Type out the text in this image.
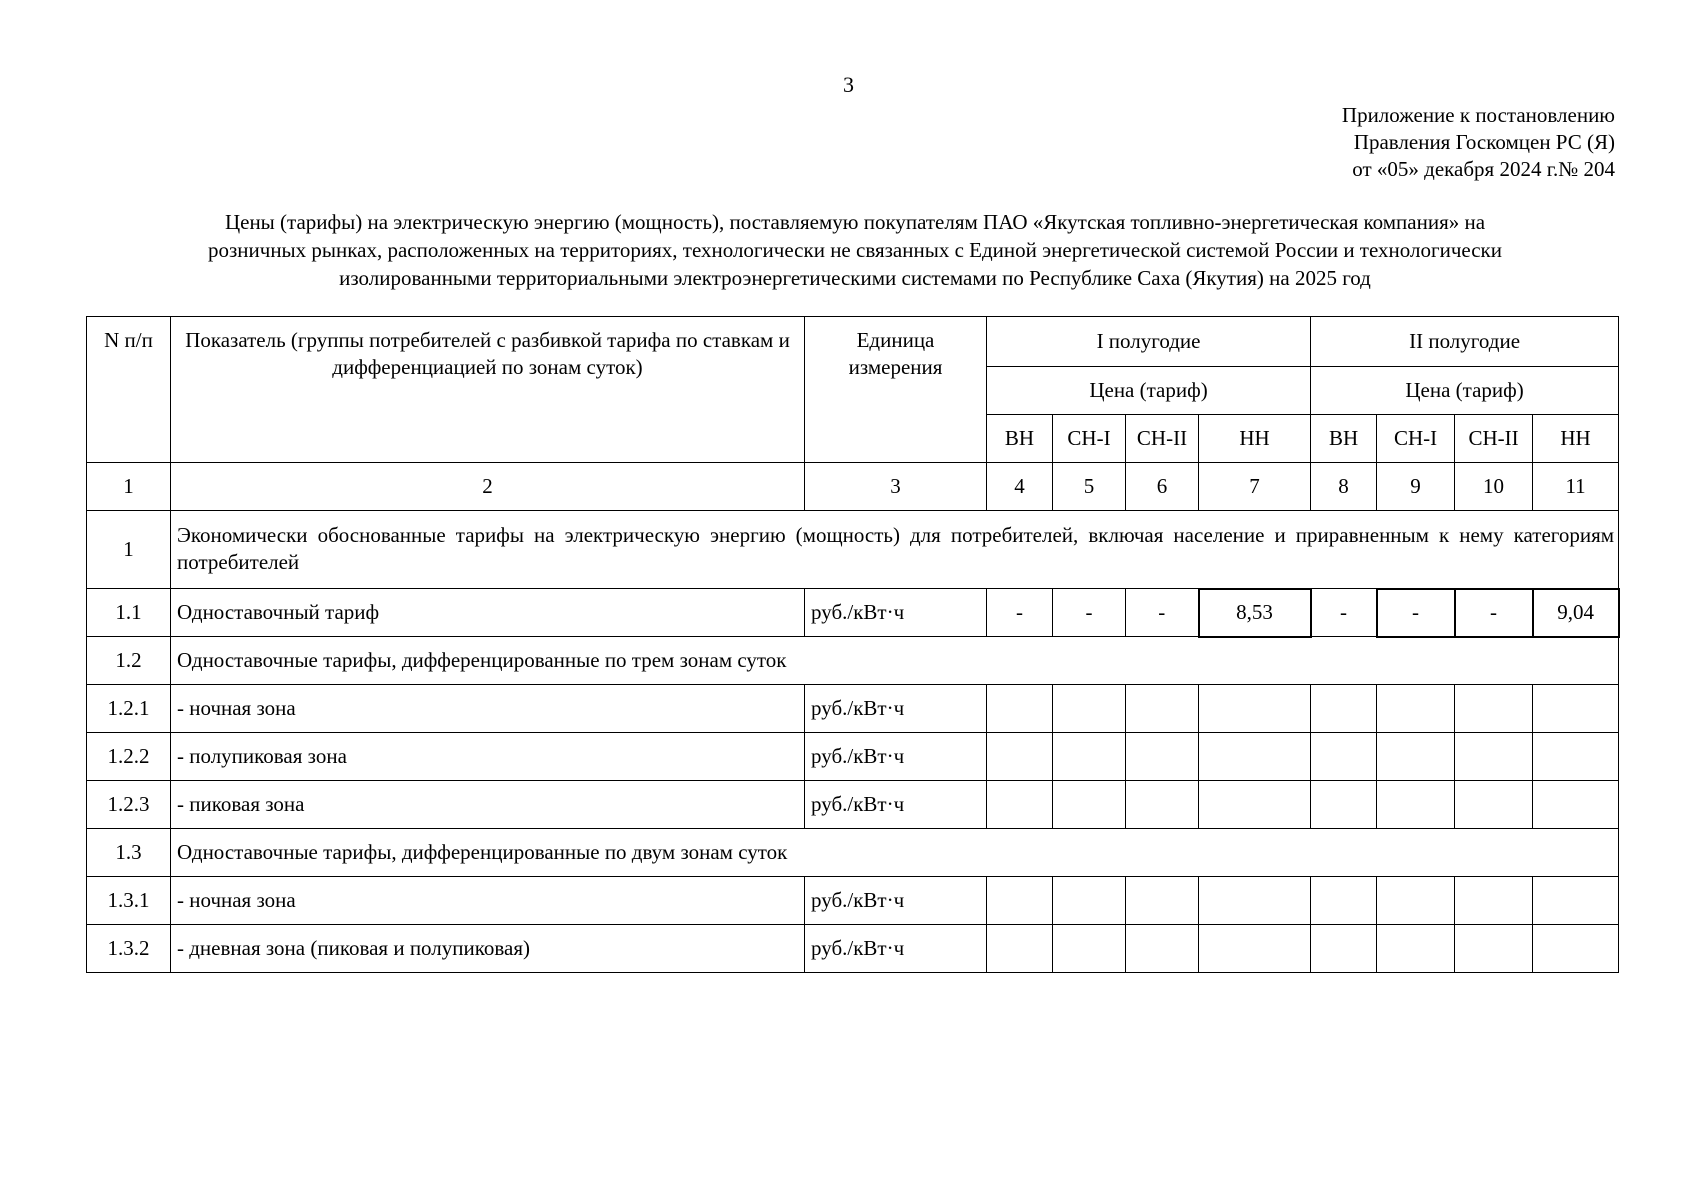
3
Приложение к постановлению
Правления Госкомцен РС (Я)
от «05» декабря 2024 г.№ 204
Цены (тарифы) на электрическую энергию (мощность), поставляемую покупателям ПАО «Якутская топливно-энергетическая компания» на
розничных рынках, расположенных на территориях, технологически не связанных с Единой энергетической системой России и технологически
изолированными территориальными электроэнергетическими системами по Республике Саха (Якутия) на 2025 год
N п/п	Показатель (группы потребителей с разбивкой тарифа по ставкам и дифференциацией по зонам суток)	Единица измерения	I полугодие				II полугодие			
			Цена (тариф)				Цена (тариф)			
			ВН	СН-I	СН-II	НН	ВН	СН-I	СН-II	НН
1	2	3	4	5	6	7	8	9	10	11
1	Экономически обоснованные тарифы на электрическую энергию (мощность) для потребителей, включая население и приравненным к нему категориям потребителей									
1.1	Одноставочный тариф	руб./кВт·ч	-	-	-	8,53	-	-	-	9,04
1.2	Одноставочные тарифы, дифференцированные по трем зонам суток									
1.2.1	- ночная зона	руб./кВт·ч								
1.2.2	- полупиковая зона	руб./кВт·ч								
1.2.3	- пиковая зона	руб./кВт·ч								
1.3	Одноставочные тарифы, дифференцированные по двум зонам суток									
1.3.1	- ночная зона	руб./кВт·ч								
1.3.2	- дневная зона (пиковая и полупиковая)	руб./кВт·ч								
